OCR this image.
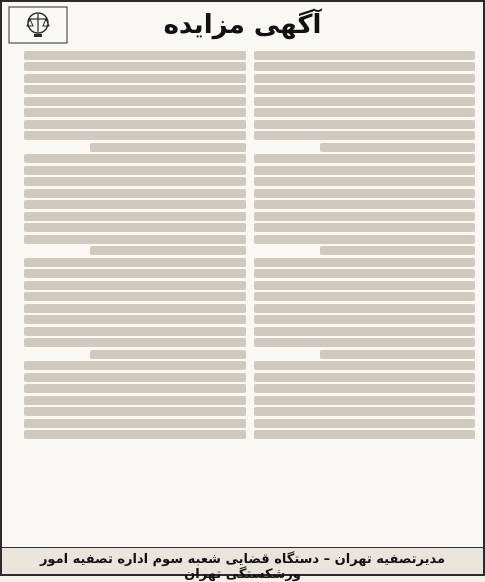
آگهی مزایده
مدیرتصفیه تهران – دستگاه قضایی شعبه سوم اداره تصفیه امور ورشکستگی تهران
